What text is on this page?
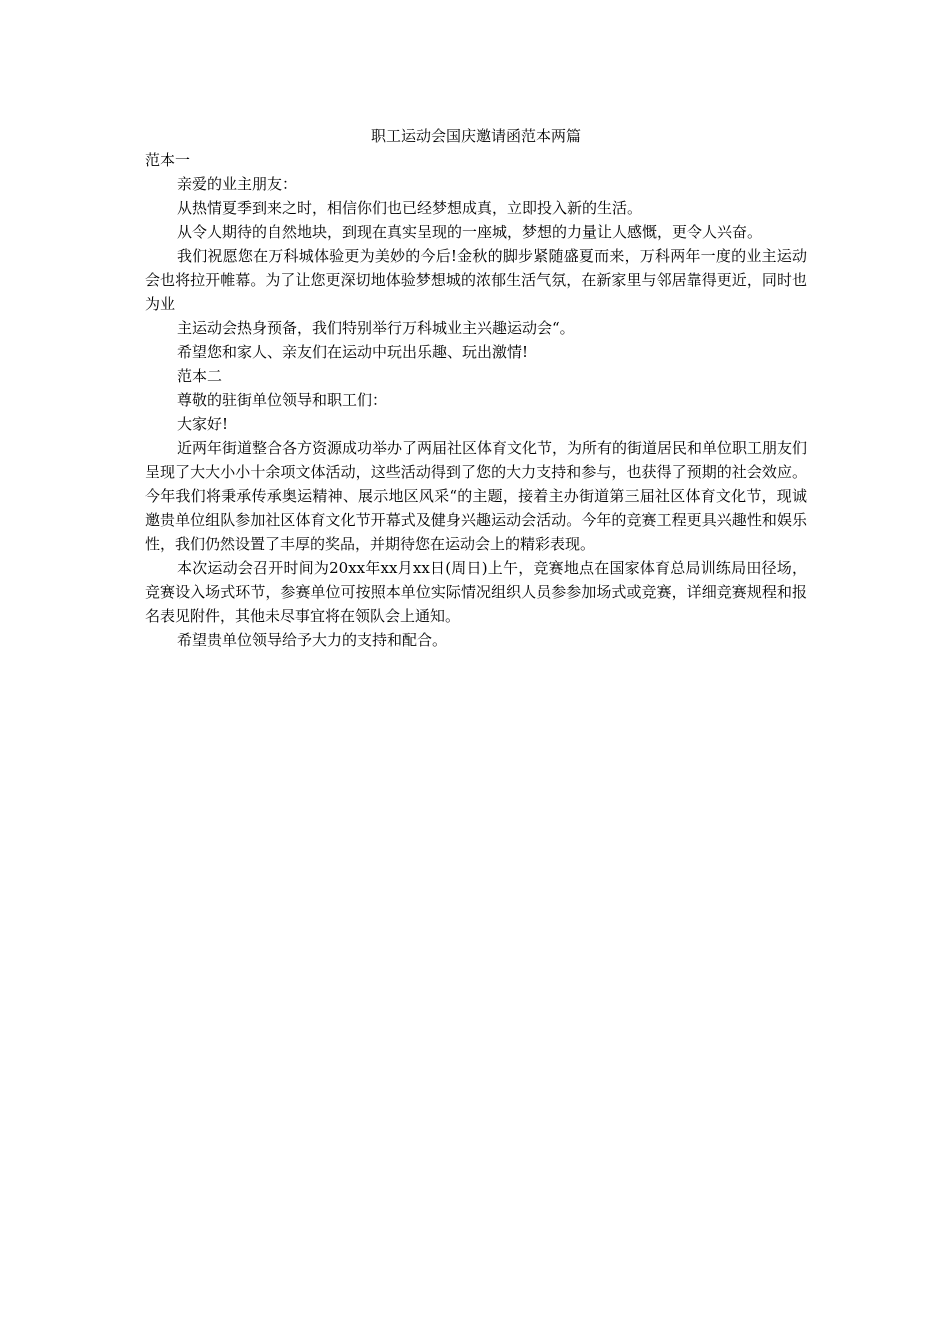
职工运动会国庆邀请函范本两篇

范本一

亲爱的业主朋友：

从热情夏季到来之时，相信你们也已经梦想成真，立即投入新的生活。

从令人期待的自然地块，到现在真实呈现的一座城，梦想的力量让人感慨，更令人兴奋。

我们祝愿您在万科城体验更为美妙的今后!金秋的脚步紧随盛夏而来，万科两年一度的业主运动会也将拉开帷幕。为了让您更深切地体验梦想城的浓郁生活气氛，在新家里与邻居靠得更近，同时也为业

主运动会热身预备，我们特别举行万科城业主兴趣运动会“。

希望您和家人、亲友们在运动中玩出乐趣、玩出激情!

范本二

尊敬的驻街单位领导和职工们：

大家好!

近两年街道整合各方资源成功举办了两届社区体育文化节，为所有的街道居民和单位职工朋友们呈现了大大小小十余项文体活动，这些活动得到了您的大力支持和参与，也获得了预期的社会效应。今年我们将秉承传承奥运精神、展示地区风采“的主题，接着主办街道第三届社区体育文化节，现诚邀贵单位组队参加社区体育文化节开幕式及健身兴趣运动会活动。今年的竞赛工程更具兴趣性和娱乐性，我们仍然设置了丰厚的奖品，并期待您在运动会上的精彩表现。

本次运动会召开时间为20xx年xx月xx日(周日)上午，竞赛地点在国家体育总局训练局田径场，竞赛设入场式环节，参赛单位可按照本单位实际情况组织人员参参加场式或竞赛，详细竞赛规程和报名表见附件，其他未尽事宜将在领队会上通知。

希望贵单位领导给予大力的支持和配合。
